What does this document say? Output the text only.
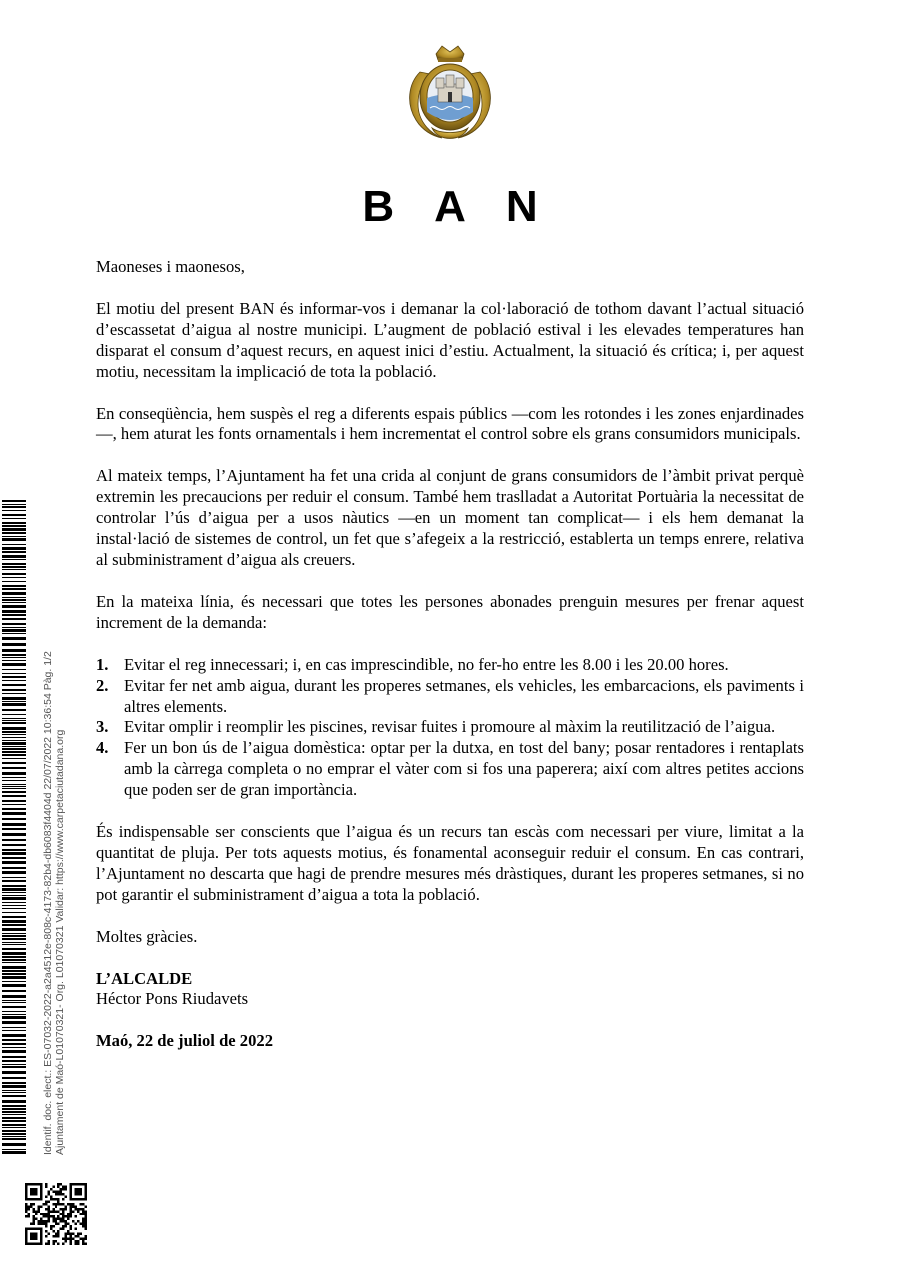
BAN

Maoneses i maonesos,

El motiu del present BAN és informar-vos i demanar la col·laboració de tothom davant l’actual situació d’escassetat d’aigua al nostre municipi. L’augment de població estival i les elevades temperatures han disparat el consum d’aquest recurs, en aquest inici d’estiu. Actualment, la situació és crítica; i, per aquest motiu, necessitam la implicació de tota la població.

En conseqüència, hem suspès el reg a diferents espais públics —com les rotondes i les zones enjardinades—, hem aturat les fonts ornamentals i hem incrementat el control sobre els grans consumidors municipals.

Al mateix temps, l’Ajuntament ha fet una crida al conjunt de grans consumidors de l’àmbit privat perquè extremin les precaucions per reduir el consum. També hem traslladat a Autoritat Portuària la necessitat de controlar l’ús d’aigua per a usos nàutics —en un moment tan complicat— i els hem demanat la instal·lació de sistemes de control, un fet que s’afegeix a la restricció, establerta un temps enrere, relativa al subministrament d’aigua als creuers.

En la mateixa línia, és necessari que totes les persones abonades prenguin mesures per frenar aquest increment de la demanda:

1. Evitar el reg innecessari; i, en cas imprescindible, no fer-ho entre les 8.00 i les 20.00 hores.
2. Evitar fer net amb aigua, durant les properes setmanes, els vehicles, les embarcacions, els paviments i altres elements.
3. Evitar omplir i reomplir les piscines, revisar fuites i promoure al màxim la reutilització de l’aigua.
4. Fer un bon ús de l’aigua domèstica: optar per la dutxa, en tost del bany; posar rentadores i rentaplats amb la càrrega completa o no emprar el vàter com si fos una paperera; així com altres petites accions que poden ser de gran importància.

És indispensable ser conscients que l’aigua és un recurs tan escàs com necessari per viure, limitat a la quantitat de pluja. Per tots aquests motius, és fonamental aconseguir reduir el consum. En cas contrari, l’Ajuntament no descarta que hagi de prendre mesures més dràstiques, durant les properes setmanes, si no pot garantir el subministrament d’aigua a tota la població.

Moltes gràcies.

L’ALCALDE
Héctor Pons Riudavets
Maó, 22 de juliol de 2022
Identif. doc. elect.: ES-07032-2022-a2a4512e-808c-4173-82b4-db6083f4404d 22/07/2022 10:36:54 Pàg. 1/2 Ajuntament de Maó-L01070321- Org. L01070321 Validar: https://www.carpetaciutadana.org
